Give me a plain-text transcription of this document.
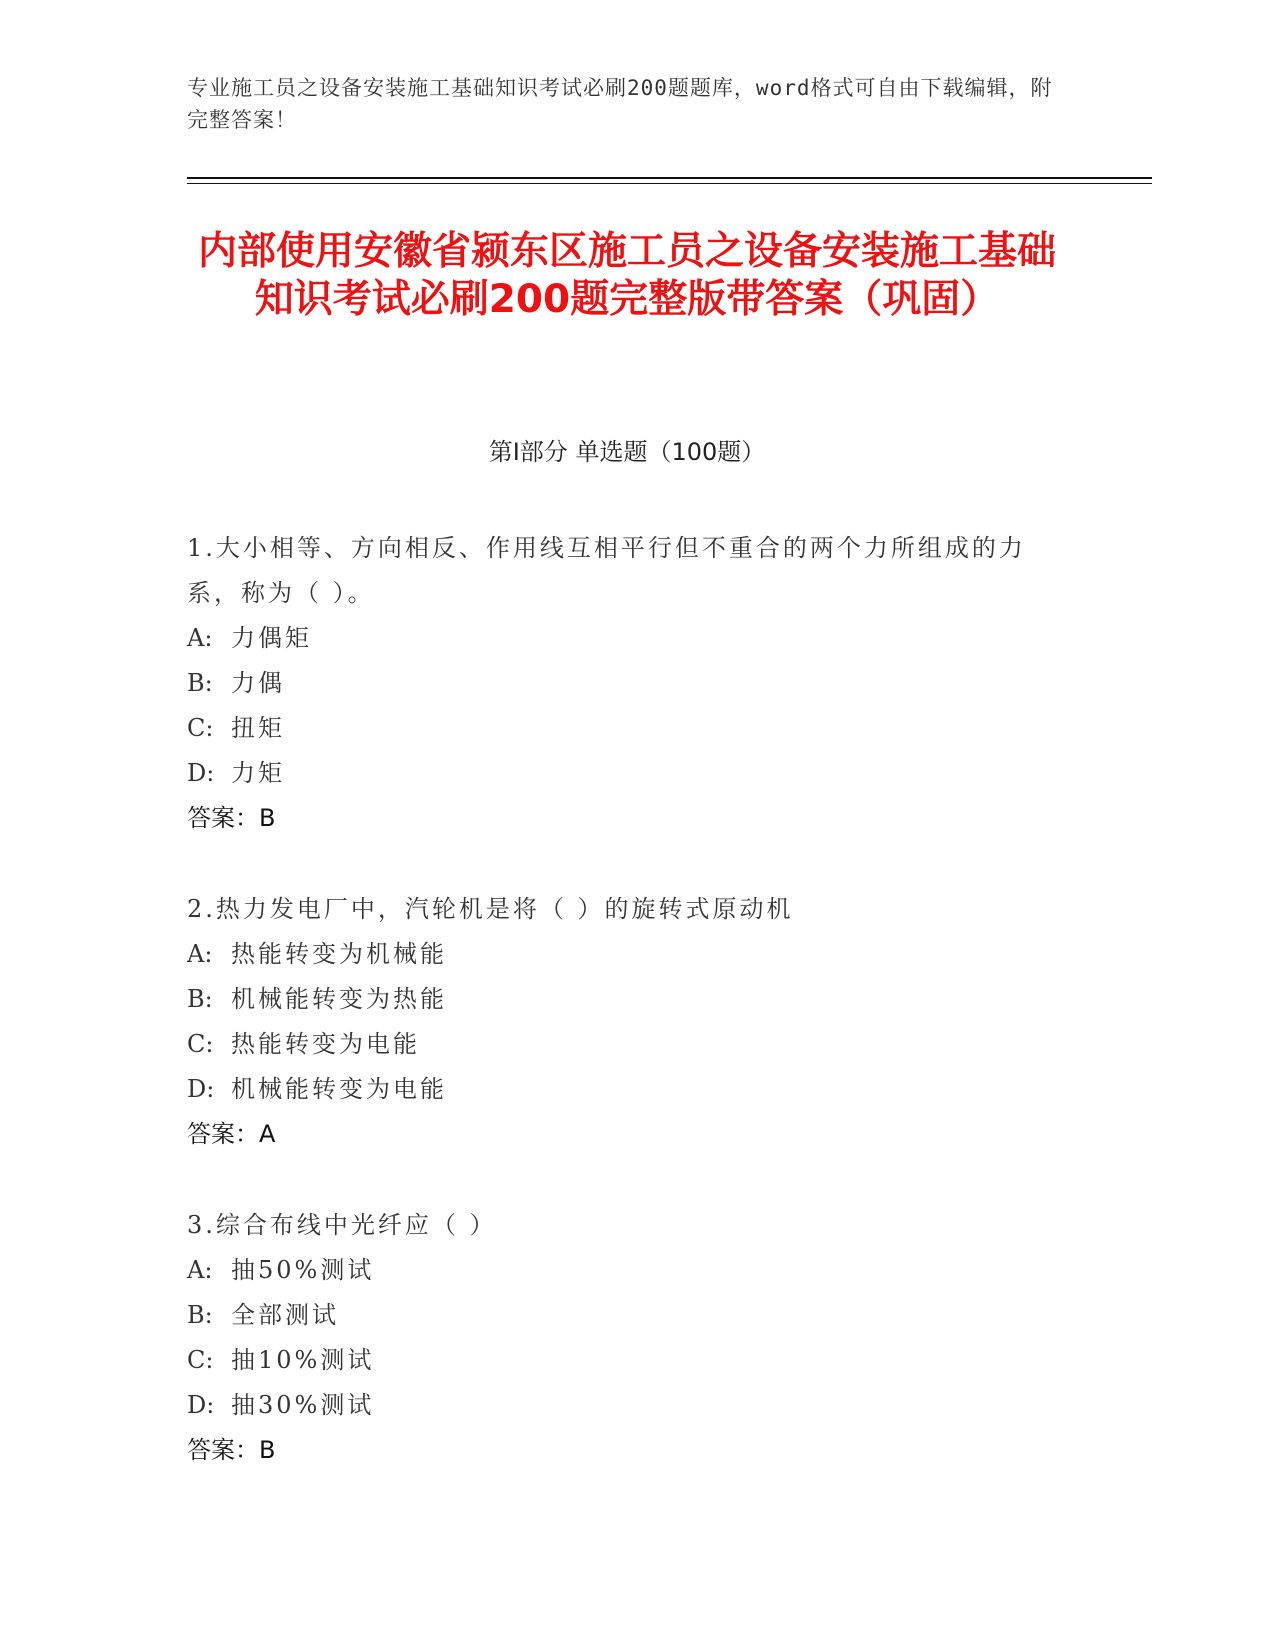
专业施工员之设备安装施工基础知识考试必刷200题题库，word格式可自由下载编辑，附完整答案！
内部使用安徽省颍东区施工员之设备安装施工基础知识考试必刷200题完整版带答案（巩固）
第Ⅰ部分 单选题（100题）
1.大小相等、方向相反、作用线互相平行但不重合的两个力所组成的力系，称为（ ）。
A: 力偶矩
B: 力偶
C: 扭矩
D: 力矩
答案：B
2.热力发电厂中，汽轮机是将（ ）的旋转式原动机
A: 热能转变为机械能
B: 机械能转变为热能
C: 热能转变为电能
D: 机械能转变为电能
答案：A
3.综合布线中光纤应（ ）
A: 抽50%测试
B: 全部测试
C: 抽10%测试
D: 抽30%测试
答案：B
